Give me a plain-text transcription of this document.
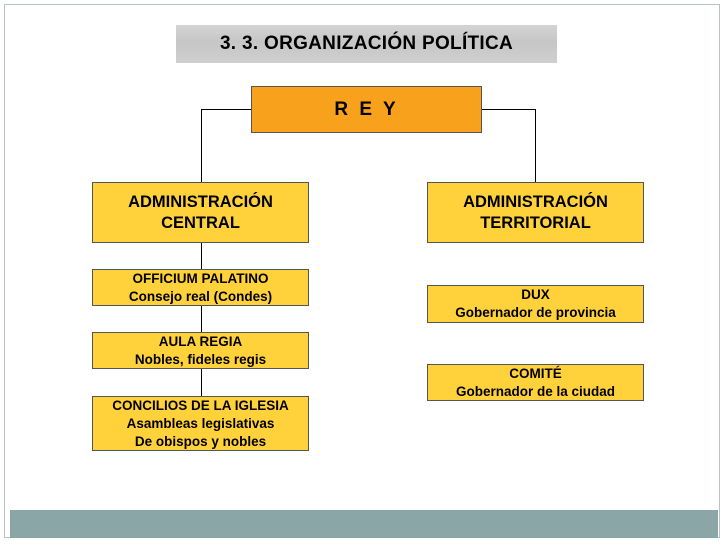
3. 3. ORGANIZACIÓN POLÍTICA
R E Y
ADMINISTRACIÓN
CENTRAL
ADMINISTRACIÓN
TERRITORIAL
OFFICIUM PALATINO
Consejo real (Condes)
AULA REGIA
Nobles, fideles regis
CONCILIOS DE LA IGLESIA
Asambleas legislativas
De obispos y nobles
DUX
Gobernador de provincia
COMITÉ
Gobernador de la ciudad
